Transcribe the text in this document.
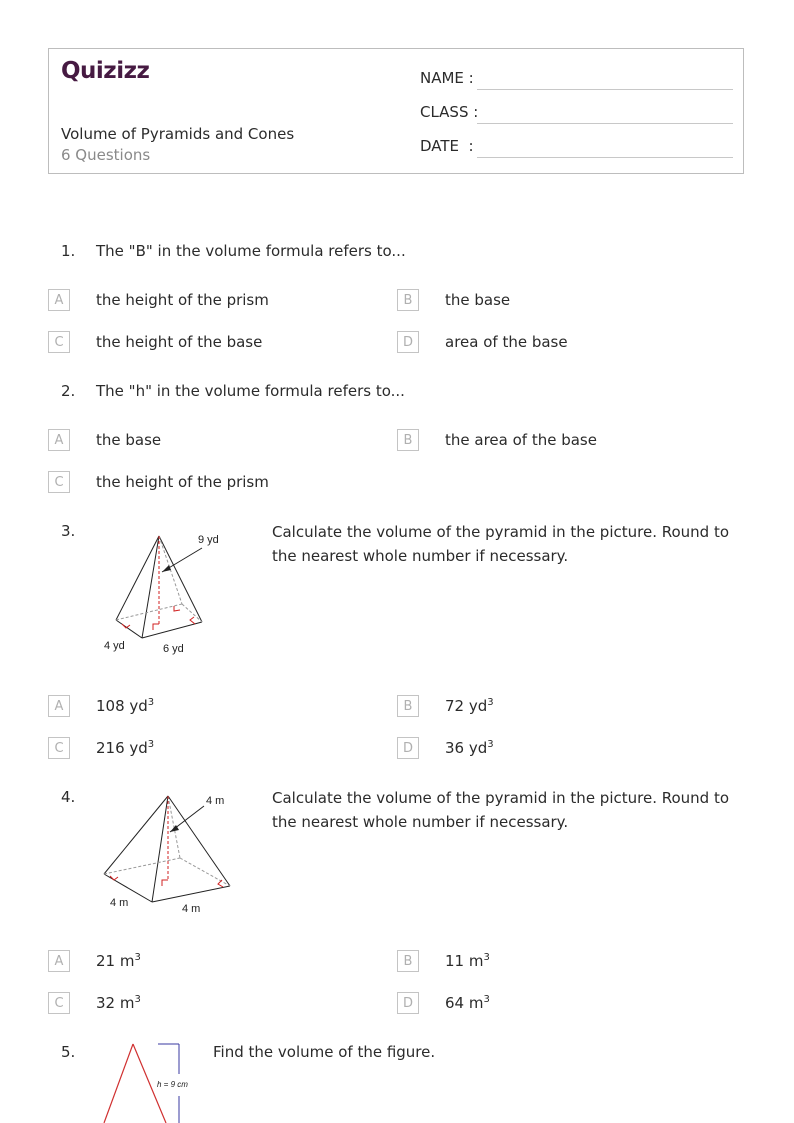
Quizizz
Volume of Pyramids and Cones
6 Questions
NAME :
CLASS :
DATE  :
1. The "B" in the volume formula refers to...
A	the height of the prism	B	the base
C	the height of the base	D	area of the base
2. The "h" in the volume formula refers to...
A	the base	B	the area of the base
C	the height of the prism
3.	Calculate the volume of the pyramid in the picture. Round to the nearest whole number if necessary.
9 yd
4 yd	6 yd
A	108 $yd^3$	B	72 $yd^3$
C	216 $yd^3$	D	36 $yd^3$
4.	Calculate the volume of the pyramid in the picture. Round to the nearest whole number if necessary.
4 m
4 m	4 m
A	21 $m^3$	B	11 $m^3$
C	32 $m^3$	D	64 $m^3$
5.	Find the volume of the figure.
h = 9 cm
